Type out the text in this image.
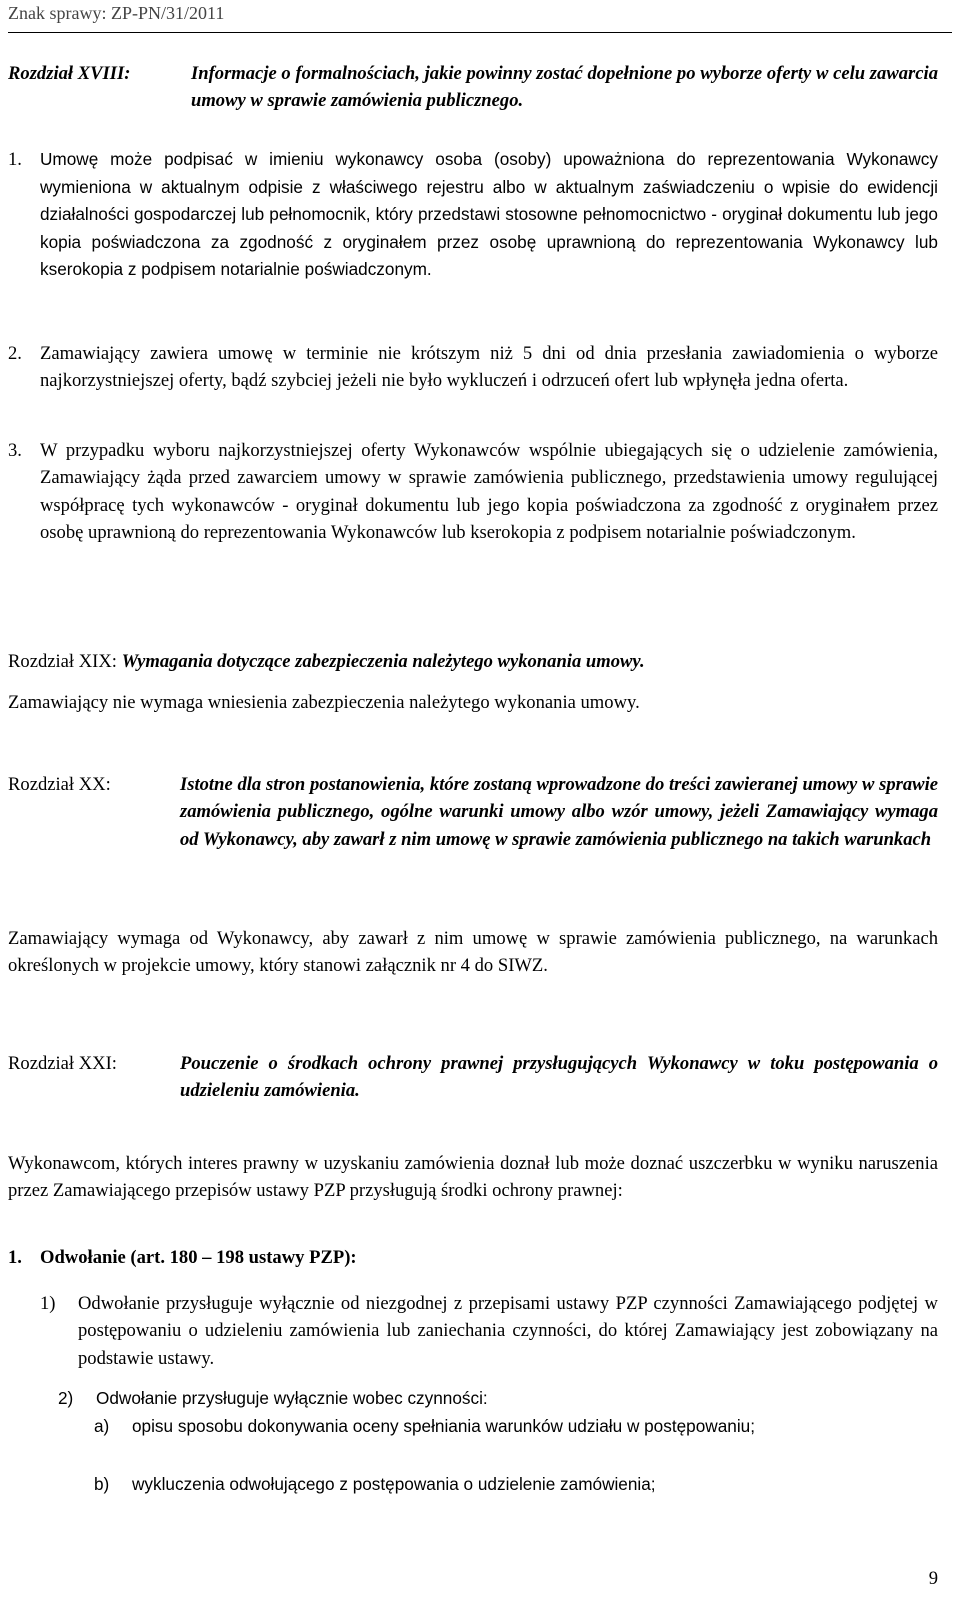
Znak sprawy: ZP-PN/31/2011
Rozdział XVIII:	Informacje o formalnościach, jakie powinny zostać dopełnione po wyborze oferty w celu zawarcia umowy w sprawie zamówienia publicznego.
1.	Umowę może podpisać w imieniu wykonawcy osoba (osoby) upoważniona do reprezentowania Wykonawcy wymieniona w aktualnym odpisie z właściwego rejestru albo w aktualnym zaświadczeniu o wpisie do ewidencji działalności gospodarczej lub pełnomocnik, który przedstawi stosowne pełnomocnictwo - oryginał dokumentu lub jego kopia poświadczona za zgodność z oryginałem przez osobę uprawnioną do reprezentowania Wykonawcy lub kserokopia z podpisem notarialnie poświadczonym.
2. Zamawiający zawiera umowę w terminie nie krótszym niż 5 dni od dnia przesłania zawiadomienia o wyborze najkorzystniejszej oferty, bądź szybciej jeżeli nie było wykluczeń i odrzuceń ofert lub wpłynęła jedna oferta.
3. W przypadku wyboru najkorzystniejszej oferty Wykonawców wspólnie ubiegających się o udzielenie zamówienia, Zamawiający żąda przed zawarciem umowy w sprawie zamówienia publicznego, przedstawienia umowy regulującej współpracę tych wykonawców - oryginał dokumentu lub jego kopia poświadczona za zgodność z oryginałem przez osobę uprawnioną do reprezentowania Wykonawców lub kserokopia z podpisem notarialnie poświadczonym.
Rozdział XIX: Wymagania dotyczące zabezpieczenia należytego wykonania umowy.
Zamawiający nie wymaga wniesienia zabezpieczenia należytego wykonania umowy.
Rozdział XX:	Istotne dla stron postanowienia, które zostaną wprowadzone do treści zawieranej umowy w sprawie zamówienia publicznego, ogólne warunki umowy albo wzór umowy, jeżeli Zamawiający wymaga od Wykonawcy, aby zawarł z nim umowę w sprawie zamówienia publicznego na takich warunkach
Zamawiający wymaga od Wykonawcy, aby zawarł z nim umowę w sprawie zamówienia publicznego, na warunkach określonych w projekcie umowy, który stanowi załącznik nr 4 do SIWZ.
Rozdział XXI:	Pouczenie o środkach ochrony prawnej przysługujących Wykonawcy w toku postępowania o udzieleniu zamówienia.
Wykonawcom, których interes prawny w uzyskaniu zamówienia doznał lub może doznać uszczerbku w wyniku naruszenia przez Zamawiającego przepisów ustawy PZP przysługują środki ochrony prawnej:
1. Odwołanie (art. 180 – 198 ustawy PZP):
1)	Odwołanie przysługuje wyłącznie od niezgodnej z przepisami ustawy PZP czynności Zamawiającego podjętej w postępowaniu o udzieleniu zamówienia lub zaniechania czynności, do której Zamawiający jest zobowiązany na podstawie ustawy.
2)	Odwołanie przysługuje wyłącznie wobec czynności:
a)	opisu sposobu dokonywania oceny spełniania warunków udziału w postępowaniu;
b)	wykluczenia odwołującego z postępowania o udzielenie zamówienia;
9
